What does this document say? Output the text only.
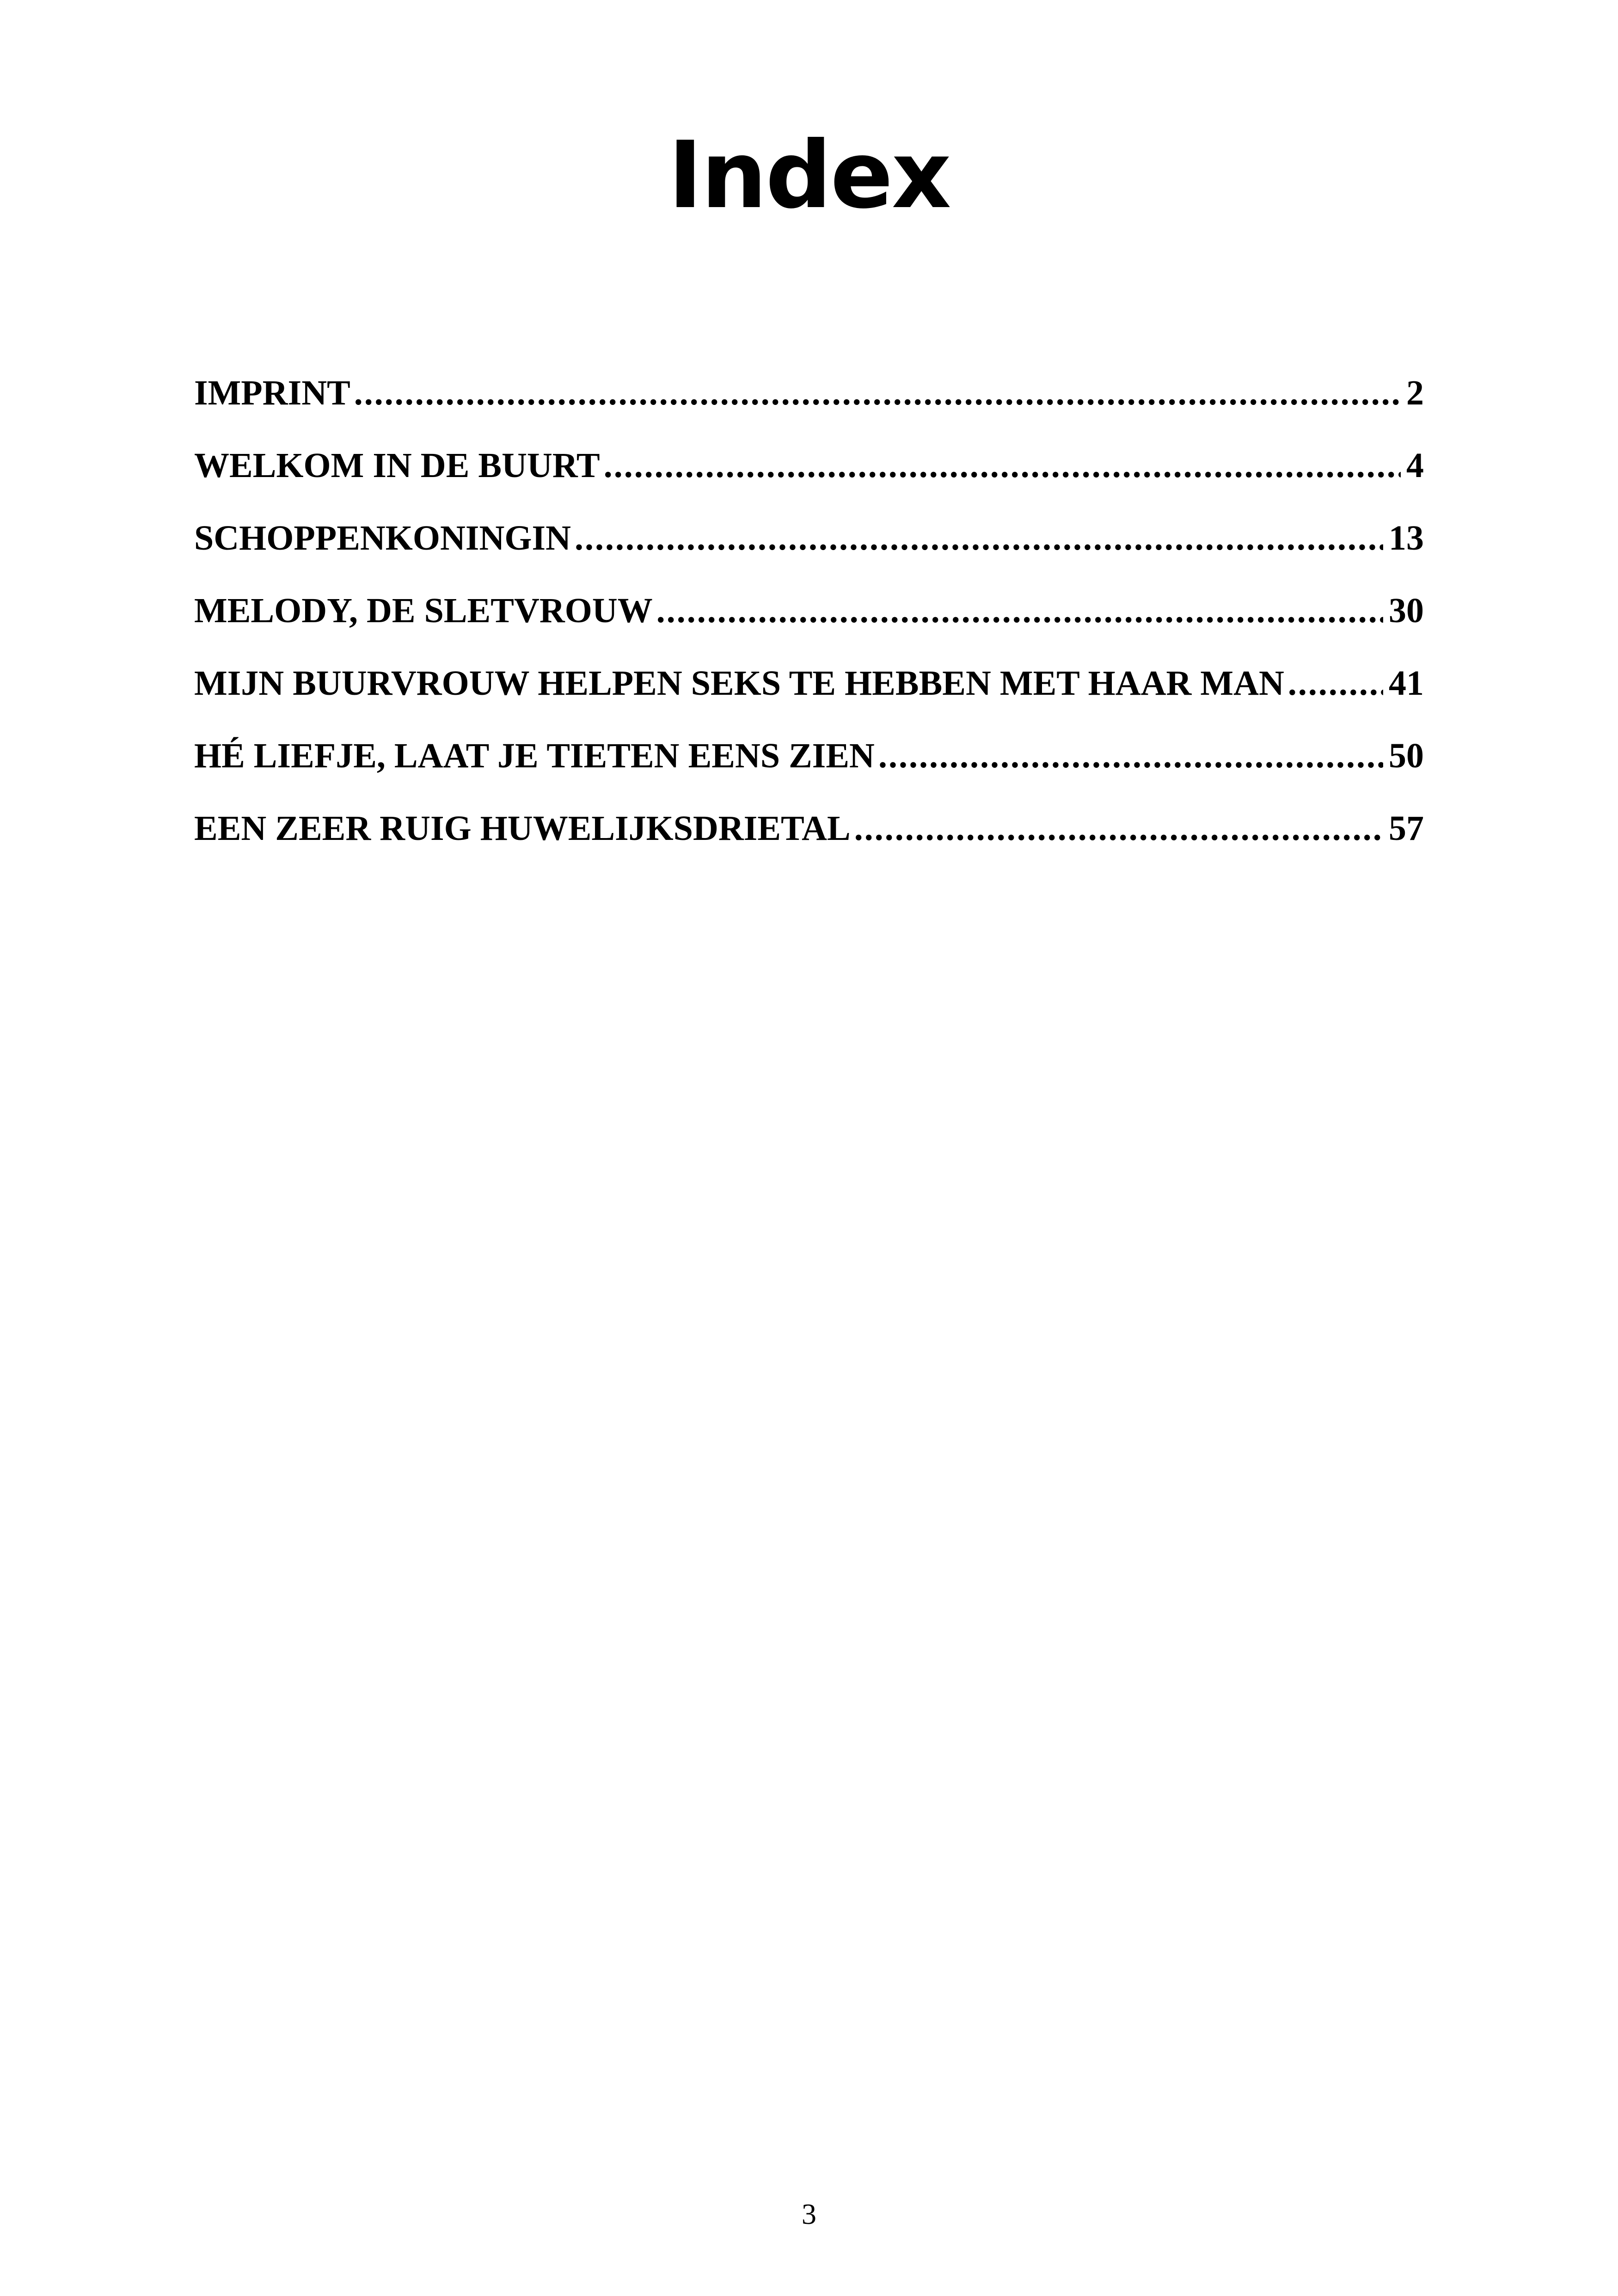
Index
IMPRINT .....	2
WELKOM IN DE BUURT .....	4
SCHOPPENKONINGIN .....	13
MELODY, DE SLETVROUW .....	30
MIJN BUURVROUW HELPEN SEKS TE HEBBEN MET HAAR MAN .....	41
HÉ LIEFJE, LAAT JE TIETEN EENS ZIEN .....	50
EEN ZEER RUIG HUWELIJKSDRIETAL .....	57
3
